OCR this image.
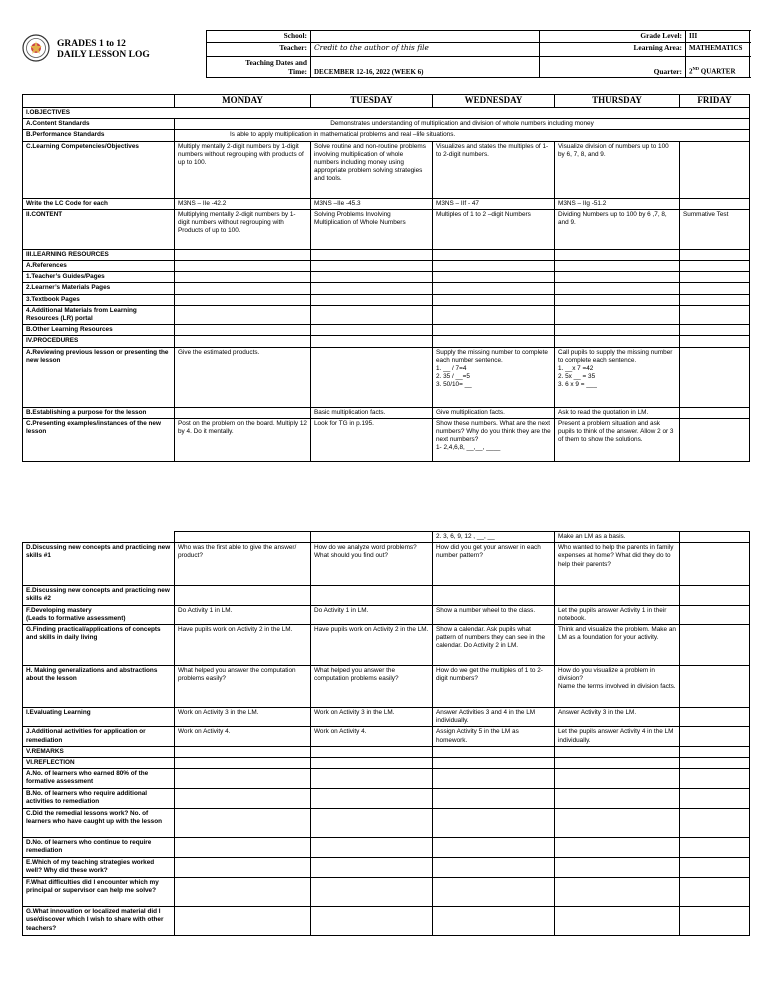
GRADES 1 to 12
DAILY LESSON LOG
School:		Grade Level:	III
Teacher:	Credit to the author of this file	Learning Area:	MATHEMATICS

Teaching Dates and
Time:	DECEMBER 12-16, 2022 (WEEK 6)	Quarter:	2ND QUARTER
	MONDAY	TUESDAY	WEDNESDAY	THURSDAY	FRIDAY
I.OBJECTIVES					
A.Content Standards	Demonstrates understanding of multiplication and division of whole numbers including money				
B.Performance Standards	Is able to apply multiplication in mathematical problems and real –life situations.				
C.Learning Competencies/Objectives	Multiply mentally 2-digit numbers by 1-digit numbers without regrouping with products of up to 100.	Solve routine and non-routine problems involving multiplication of whole numbers including money using appropriate problem solving strategies and tools.	Visualizes and states the multiples of 1-to 2-digit numbers.	Visualize division of numbers up to 100 by 6, 7, 8, and 9.	
Write the LC Code for each	M3NS – IIe -42.2	M3NS –IIe -45.3	M3NS – IIf - 47	M3NS – IIg -51.2	
II.CONTENT	Multiplying mentally 2-digit numbers by 1-digit numbers without regrouping with Products of up to 100.	Solving Problems Involving Multiplication of Whole Numbers	Multiples of 1 to 2 –digit Numbers	Dividing Numbers up to 100 by 6 ,7, 8, and 9.	Summative Test
III.LEARNING RESOURCES					
A.References					
1.Teacher’s Guides/Pages					
2.Learner’s Materials Pages					
3.Textbook Pages					
4.Additional Materials from Learning Resources (LR) portal					
B.Other Learning Resources					
IV.PROCEDURES					
A.Reviewing previous lesson or presenting the new lesson	Give the estimated products.		Supply the missing number to complete each number sentence.
1. __ / 7=4
2. 35 / __=5
3. 50/10= __	Call pupils to supply the missing number to complete each sentence.
1. __x 7 =42
2. 5x __ = 35
3. 6 x 9 = ___	
B.Establishing a purpose for the lesson		Basic multiplication facts.	Give multiplication facts.	Ask to read the quotation in LM.	
C.Presenting examples/instances of the new lesson	Post on the problem on the board. Multiply 12 by 4. Do it mentally.	Look for TG in p.195.	Show these numbers. What are the next numbers? Why do you think they are the next numbers?
1- 2,4,6,8, __,__, ____	Present a problem situation and ask pupils to think of the answer. Allow 2 or 3 of them to show the solutions.	
			2. 3, 6, 9, 12 , __, __	Make an LM as a basis.	
D.Discussing new concepts and practicing new skills #1	Who was the first able to give the answer/ product?	How do we analyze word problems? What should you find out?	How did you get your answer in each number pattern?	Who wanted to help the parents in family expenses at home? What did they do to help their parents?	
E.Discussing new concepts and practicing new skills #2					
F.Developing mastery
(Leads to formative assessment)	Do Activity 1 in LM.	Do Activity 1 in LM.	Show a number wheel to the class.	Let the pupils answer Activity 1 in their notebook.	
G.Finding practical/applications of concepts and skills in daily living	Have pupils work on Activity 2 in the LM.	Have pupils work on Activity 2 in the LM.	Show a calendar. Ask pupils what pattern of numbers they can see in the calendar. Do Activity 2 in LM.	Think and visualize the problem. Make an LM as a foundation for your activity.	
H. Making generalizations and abstractions about the lesson	What helped you answer the computation problems easily?	What helped you answer the computation problems easily?	How do we get the multiples of 1 to 2-digit numbers?	How do you visualize a problem in division?
Name the terms involved in division facts.	
I.Evaluating Learning	Work on Activity 3 in the LM.	Work on Activity 3 in the LM.	Answer Activities 3 and 4 in the LM individually.	Answer Activity 3 in the LM.	
J.Additional activities for application or remediation	Work on Activity 4.	Work on Activity 4.	Assign Activity 5 in the LM as homework.	Let the pupils answer Activity 4 in the LM individually.	
V.REMARKS					
VI.REFLECTION					
A.No. of learners who earned 80% of the formative assessment					
B.No. of learners who require additional activities to remediation					
C.Did the remedial lessons work? No. of learners who have caught up with the lesson					
D.No. of learners who continue to require remediation					
E.Which of my teaching strategies worked well? Why did these work?					
F.What difficulties did I encounter which my principal or supervisor can help me solve?					
G.What innovation or localized material did I use/discover which I wish to share with other teachers?					
